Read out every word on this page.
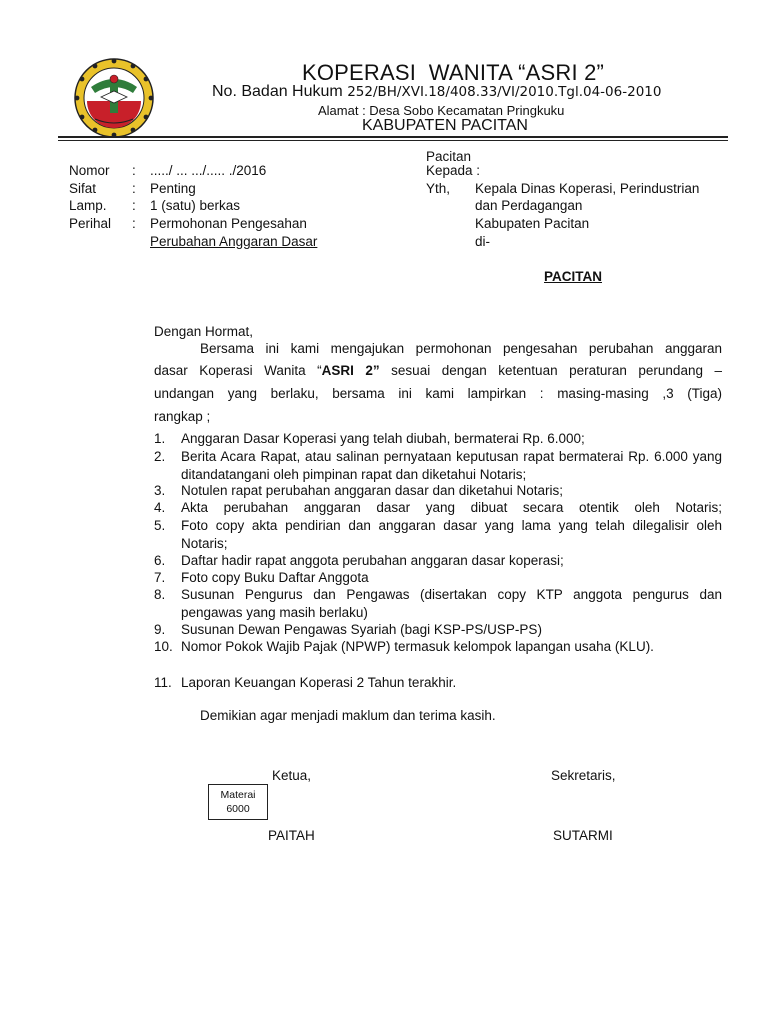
KOPERASI  WANITA “ASRI 2”
No. Badan Hukum 252/BH/XVI.18/408.33/VI/2010.Tgl.04-06-2010
Alamat : Desa Sobo Kecamatan Pringkuku
KABUPATEN PACITAN
Nomor : ...../ ... .../..... ./2016
Sifat	: Penting
Lamp. : 1 (satu) berkas
Perihal : Permohonan Pengesahan
Perubahan Anggaran Dasar
Pacitan
Kepada :
Yth, Kepala Dinas Koperasi, Perindustrian
dan Perdagangan
Kabupaten Pacitan
di-
PACITAN
Dengan Hormat,
Bersama ini kami mengajukan permohonan pengesahan perubahan anggaran
dasar Koperasi Wanita “ASRI 2” sesuai dengan ketentuan peraturan perundang –
undangan yang berlaku, bersama ini kami lampirkan : masing-masing ,3 (Tiga)
rangkap ;
1. Anggaran Dasar Koperasi yang telah diubah, bermaterai Rp. 6.000;
2. Berita Acara Rapat, atau salinan pernyataan keputusan rapat bermaterai Rp. 6.000 yang ditandatangani oleh pimpinan rapat dan diketahui Notaris;
3. Notulen rapat perubahan anggaran dasar dan diketahui Notaris;
4. Akta perubahan anggaran dasar yang dibuat secara otentik oleh Notaris;
5. Foto copy akta pendirian dan anggaran dasar yang lama yang telah dilegalisir oleh Notaris;
6. Daftar hadir rapat anggota perubahan anggaran dasar koperasi;
7. Foto copy Buku Daftar Anggota
8. Susunan Pengurus dan Pengawas (disertakan copy KTP anggota pengurus dan pengawas yang masih berlaku)
9. Susunan Dewan Pengawas Syariah (bagi KSP-PS/USP-PS)
10. Nomor Pokok Wajib Pajak (NPWP) termasuk kelompok lapangan usaha (KLU).
11. Laporan Keuangan Koperasi 2 Tahun terakhir.
Demikian agar menjadi maklum dan terima kasih.
Ketua,	Sekretaris,
Materai
6000
PAITAH	SUTARMI
